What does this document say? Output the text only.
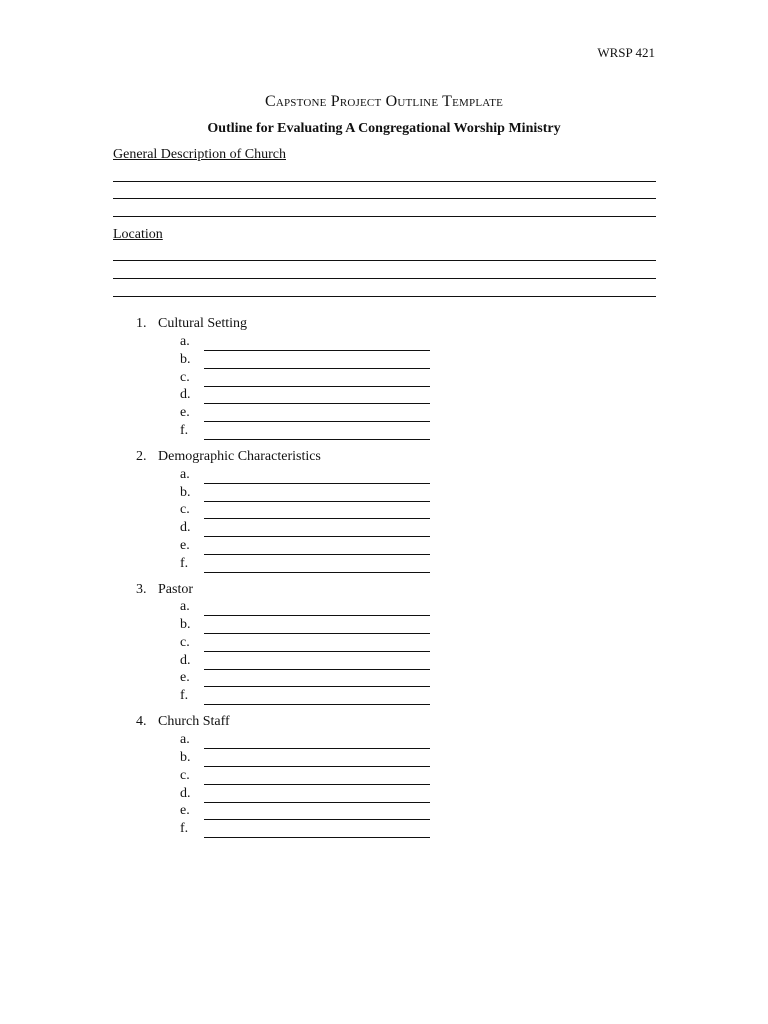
WRSP 421
Capstone Project Outline Template
Outline for Evaluating A Congregational Worship Ministry
General Description of Church
Location
1. Cultural Setting
a.
b.
c.
d.
e.
f.
2. Demographic Characteristics
a.
b.
c.
d.
e.
f.
3. Pastor
a.
b.
c.
d.
e.
f.
4. Church Staff
a.
b.
c.
d.
e.
f.
